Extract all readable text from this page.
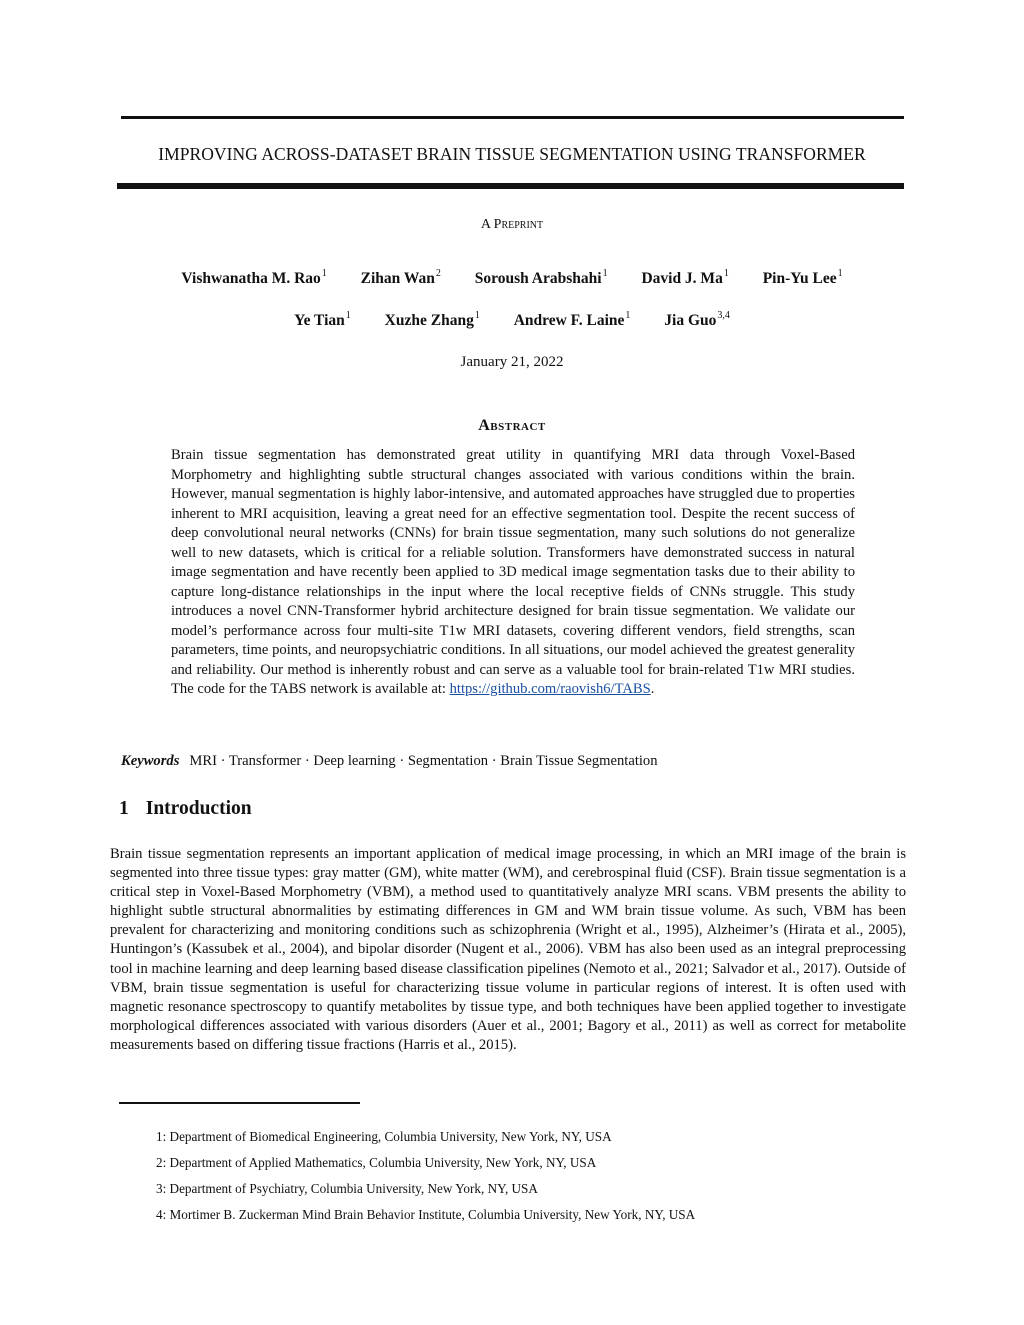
IMPROVING ACROSS-DATASET BRAIN TISSUE SEGMENTATION USING TRANSFORMER
A Preprint
Vishwanatha M. Rao$^1$ Zihan Wan$^2$ Soroush Arabshahi$^1$ David J. Ma$^1$ Pin-Yu Lee$^1$
Ye Tian$^1$ Xuzhe Zhang$^1$ Andrew F. Laine$^1$ Jia Guo$^{3,4}$
January 21, 2022
Abstract

Brain tissue segmentation has demonstrated great utility in quantifying MRI data through Voxel-Based Morphometry and highlighting subtle structural changes associated with various conditions within the brain. However, manual segmentation is highly labor-intensive, and automated approaches have struggled due to properties inherent to MRI acquisition, leaving a great need for an effective segmentation tool. Despite the recent success of deep convolutional neural networks (CNNs) for brain tissue segmentation, many such solutions do not generalize well to new datasets, which is critical for a reliable solution. Transformers have demonstrated success in natural image segmentation and have recently been applied to 3D medical image segmentation tasks due to their ability to capture long-distance relationships in the input where the local receptive fields of CNNs struggle. This study introduces a novel CNN-Transformer hybrid architecture designed for brain tissue segmentation. We validate our model’s performance across four multi-site T1w MRI datasets, covering different vendors, field strengths, scan parameters, time points, and neuropsychiatric conditions. In all situations, our model achieved the greatest generality and reliability. Our method is inherently robust and can serve as a valuable tool for brain-related T1w MRI studies. The code for the TABS network is available at: https://github.com/raovish6/TABS.

Keywords MRI · Transformer · Deep learning · Segmentation · Brain Tissue Segmentation
1 Introduction

Brain tissue segmentation represents an important application of medical image processing, in which an MRI image of the brain is segmented into three tissue types: gray matter (GM), white matter (WM), and cerebrospinal fluid (CSF). Brain tissue segmentation is a critical step in Voxel-Based Morphometry (VBM), a method used to quantitatively analyze MRI scans. VBM presents the ability to highlight subtle structural abnormalities by estimating differences in GM and WM brain tissue volume. As such, VBM has been prevalent for characterizing and monitoring conditions such as schizophrenia (Wright et al., 1995), Alzheimer’s (Hirata et al., 2005), Huntingon’s (Kassubek et al., 2004), and bipolar disorder (Nugent et al., 2006). VBM has also been used as an integral preprocessing tool in machine learning and deep learning based disease classification pipelines (Nemoto et al., 2021; Salvador et al., 2017). Outside of VBM, brain tissue segmentation is useful for characterizing tissue volume in particular regions of interest. It is often used with magnetic resonance spectroscopy to quantify metabolites by tissue type, and both techniques have been applied together to investigate morphological differences associated with various disorders (Auer et al., 2001; Bagory et al., 2011) as well as correct for metabolite measurements based on differing tissue fractions (Harris et al., 2015).

1: Department of Biomedical Engineering, Columbia University, New York, NY, USA
2: Department of Applied Mathematics, Columbia University, New York, NY, USA
3: Department of Psychiatry, Columbia University, New York, NY, USA
4: Mortimer B. Zuckerman Mind Brain Behavior Institute, Columbia University, New York, NY, USA
